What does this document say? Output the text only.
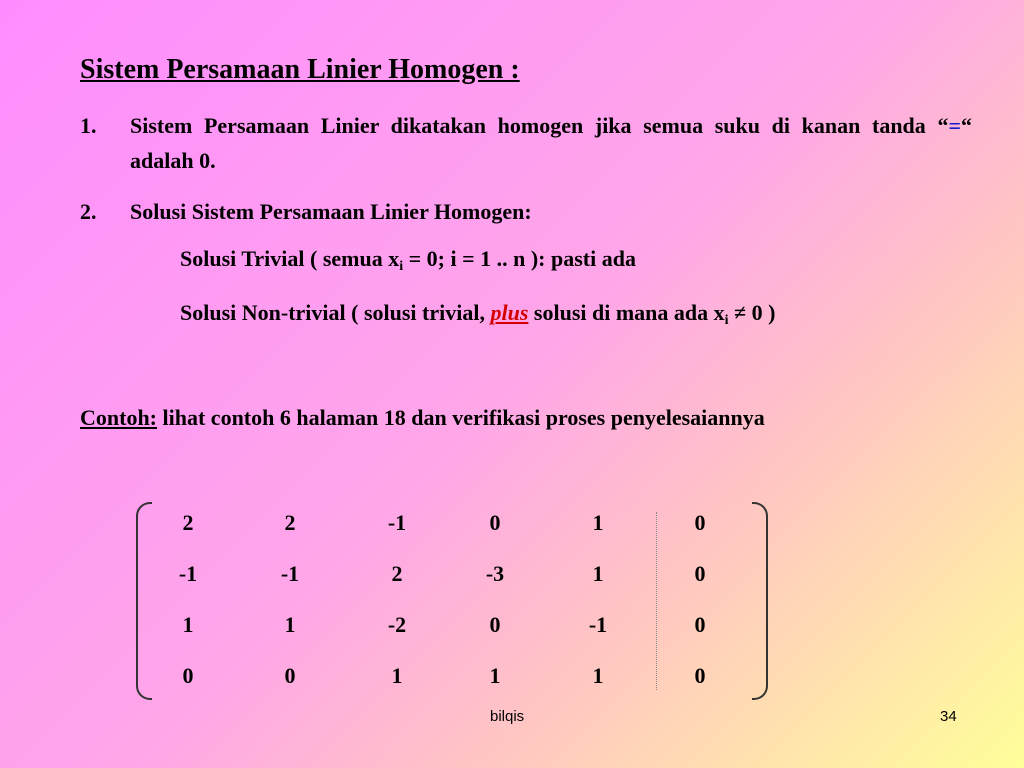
Sistem Persamaan Linier Homogen :
1. Sistem Persamaan Linier dikatakan homogen jika semua suku di kanan tanda “=“ adalah 0.
2. Solusi Sistem Persamaan Linier Homogen:
Solusi Trivial ( semua $x_i = 0$; i = 1 .. n ): pasti ada
Solusi Non-trivial ( solusi trivial, plus solusi di mana ada $x_i \ne 0$ )
Contoh: lihat contoh 6 halaman 18 dan verifikasi proses penyelesaiannya
2	2	-1	0	1	0
-1	-1	2	-3	1	0
1	1	-2	0	-1	0
0	0	1	1	1	0
bilqis	34
